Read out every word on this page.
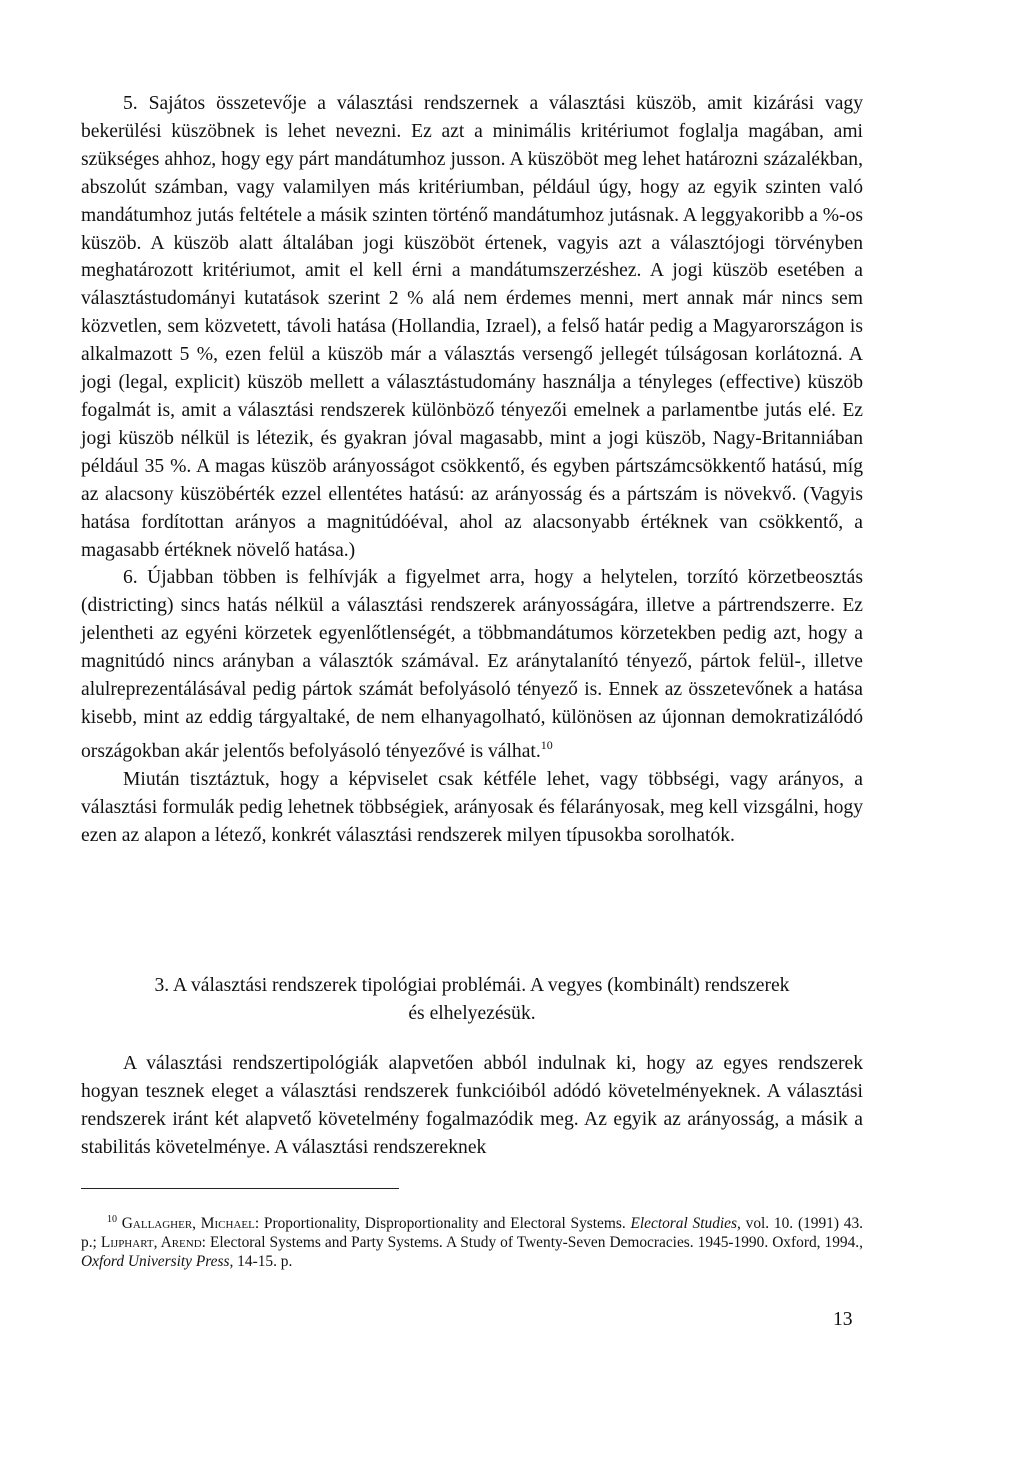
5. Sajátos összetevője a választási rendszernek a választási küszöb, amit kizárási vagy bekerülési küszöbnek is lehet nevezni. Ez azt a minimális kritériumot foglalja magában, ami szükséges ahhoz, hogy egy párt mandátumhoz jusson. A küszöböt meg lehet határozni százalékban, abszolút számban, vagy valamilyen más kritériumban, például úgy, hogy az egyik szinten való mandátumhoz jutás feltétele a másik szinten történő mandátumhoz jutásnak. A leggyakoribb a %-os küszöb. A küszöb alatt általában jogi küszöböt értenek, vagyis azt a választójogi törvényben meghatározott kritériumot, amit el kell érni a mandátumszerzéshez. A jogi küszöb esetében a választástudományi kutatások szerint 2 % alá nem érdemes menni, mert annak már nincs sem közvetlen, sem közvetett, távoli hatása (Hollandia, Izrael), a felső határ pedig a Magyarországon is alkalmazott 5 %, ezen felül a küszöb már a választás versengő jellegét túlságosan korlátozná. A jogi (legal, explicit) küszöb mellett a választástudomány használja a tényleges (effective) küszöb fogalmát is, amit a választási rendszerek különböző tényezői emelnek a parlamentbe jutás elé. Ez jogi küszöb nélkül is létezik, és gyakran jóval magasabb, mint a jogi küszöb, Nagy-Britanniában például 35 %. A magas küszöb arányosságot csökkentő, és egyben pártszámcsökkentő hatású, míg az alacsony küszöbérték ezzel ellentétes hatású: az arányosság és a pártszám is növekvő. (Vagyis hatása fordítottan arányos a magnitúdóéval, ahol az alacsonyabb értéknek van csökkentő, a magasabb értéknek növelő hatása.)

6. Újabban többen is felhívják a figyelmet arra, hogy a helytelen, torzító körzetbeosztás (districting) sincs hatás nélkül a választási rendszerek arányosságára, illetve a pártrendszerre. Ez jelentheti az egyéni körzetek egyenlőtlenségét, a többmandátumos körzetekben pedig azt, hogy a magnitúdó nincs arányban a választók számával. Ez aránytalanító tényező, pártok felül-, illetve alulreprezentálásával pedig pártok számát befolyásoló tényező is. Ennek az összetevőnek a hatása kisebb, mint az eddig tárgyaltaké, de nem elhanyagolható, különösen az újonnan demokratizálódó országokban akár jelentős befolyásoló tényezővé is válhat.$^{10}$

Miután tisztáztuk, hogy a képviselet csak kétféle lehet, vagy többségi, vagy arányos, a választási formulák pedig lehetnek többségiek, arányosak és félarányosak, meg kell vizsgálni, hogy ezen az alapon a létező, konkrét választási rendszerek milyen típusokba sorolhatók.

3. A választási rendszerek tipológiai problémái. A vegyes (kombinált) rendszerek
és elhelyezésük.

A választási rendszertipológiák alapvetően abból indulnak ki, hogy az egyes rendszerek hogyan tesznek eleget a választási rendszerek funkcióiból adódó követelményeknek. A választási rendszerek iránt két alapvető követelmény fogalmazódik meg. Az egyik az arányosság, a másik a stabilitás követelménye. A választási rendszereknek

$^{10}$ Gallagher, Michael: Proportionality, Disproportionality and Electoral Systems. Electoral Studies, vol. 10. (1991) 43. p.; Lijphart, Arend: Electoral Systems and Party Systems. A Study of Twenty-Seven Democracies. 1945-1990. Oxford, 1994., Oxford University Press, 14-15. p.

13
